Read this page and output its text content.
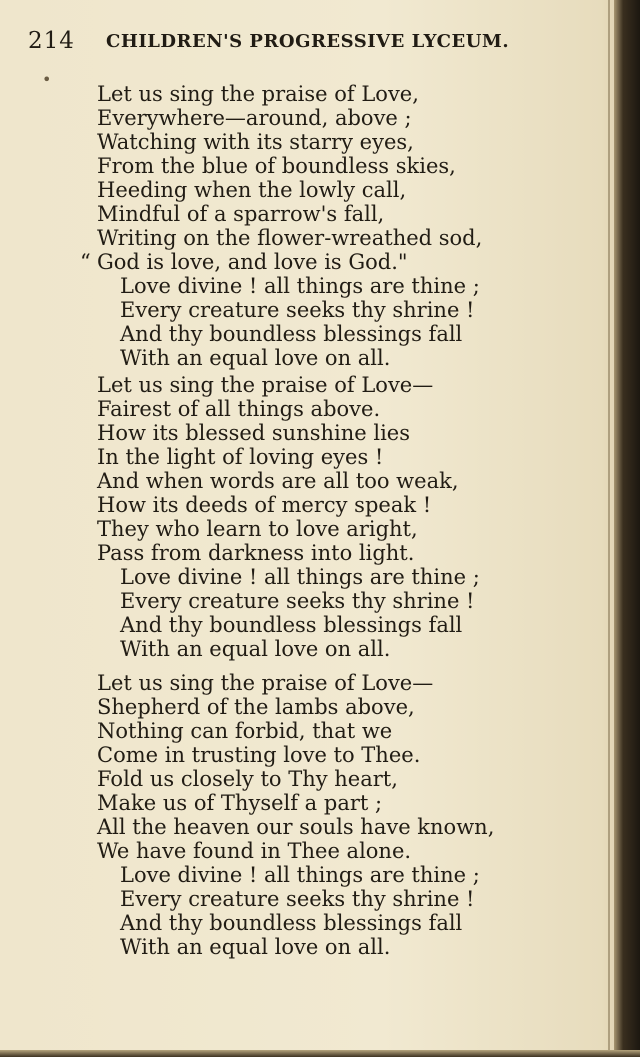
214 CHILDREN'S PROGRESSIVE LYCEUM.
•
Let us sing the praise of Love,
Everywhere—around, above ;
Watching with its starry eyes,
From the blue of boundless skies,
Heeding when the lowly call,
Mindful of a sparrow's fall,
Writing on the flower-wreathed sod,
“ God is love, and love is God."
Love divine ! all things are thine ;
Every creature seeks thy shrine !
And thy boundless blessings fall
With an equal love on all.
Let us sing the praise of Love—
Fairest of all things above.
How its blessed sunshine lies
In the light of loving eyes !
And when words are all too weak,
How its deeds of mercy speak !
They who learn to love aright,
Pass from darkness into light.
Love divine ! all things are thine ;
Every creature seeks thy shrine !
And thy boundless blessings fall
With an equal love on all.
Let us sing the praise of Love—
Shepherd of the lambs above,
Nothing can forbid, that we
Come in trusting love to Thee.
Fold us closely to Thy heart,
Make us of Thyself a part ;
All the heaven our souls have known,
We have found in Thee alone.
Love divine ! all things are thine ;
Every creature seeks thy shrine !
And thy boundless blessings fall
With an equal love on all.
